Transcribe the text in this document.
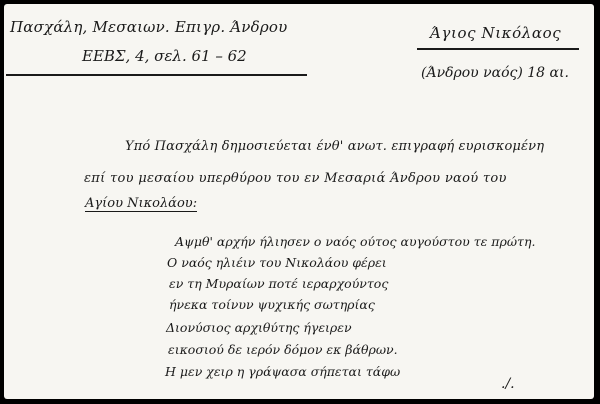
Πασχάλη, Μεσαιων. Επιγρ. Άνδρου
ΕΕΒΣ, 4, σελ. 61 – 62
Άγιος Νικόλαος
(Άνδρου ναός) 18 αι.
Υπό Πασχάλη δημοσιεύεται ένθ' ανωτ. επιγραφή ευρισκομένη
επί του μεσαίου υπερθύρου του εν Μεσαριά Άνδρου ναού του
Αγίου Νικολάου:
Αψμθ' αρχήν ήλιησεν ο ναός ούτος αυγούστου τε πρώτη.
Ο ναός ηλιέιν του Νικολάου φέρει
εν τη Μυραίων ποτέ ιεραρχούντος
ήνεκα τοίνυν ψυχικής σωτηρίας
Διονύσιος αρχιθύτης ήγειρεν
εικοσιού δε ιερόν δόμον εκ βάθρων.
Η μεν χειρ η γράψασα σήπεται τάφω
./.
